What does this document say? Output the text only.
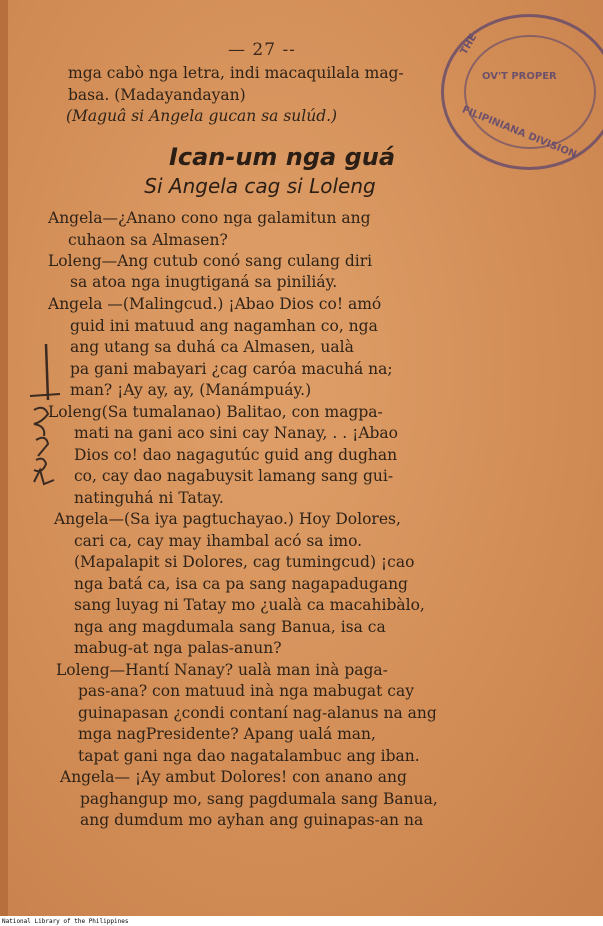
THE
OV'T PROPER
FILIPINIANA DIVISION
— 27 --
mga cabò nga letra, indi macaquilala mag-
basa. (Madayandayan)
(Maguâ si Angela gucan sa sulúd.)
Ican-um nga guá
Si Angela cag si Loleng
Angela—¿Anano cono nga galamitun ang
cuhaon sa Almasen?
Loleng—Ang cutub conó sang culang diri
sa atoa nga inugtiganá sa piniliáy.
Angela —(Malingcud.) ¡Abao Dios co! amó
guid ini matuud ang nagamhan co, nga
ang utang sa duhá ca Almasen, ualà
pa gani mabayari ¿cag caróa macuhá na;
man? ¡Ay ay, ay, (Manámpuáy.)
Loleng(Sa tumalanao) Balitao, con magpa-
mati na gani aco sini cay Nanay, . . ¡Abao
Dios co! dao nagagutúc guid ang dughan
co, cay dao nagabuysit lamang sang gui-
natinguhá ni Tatay.
Angela—(Sa iya pagtuchayao.) Hoy Dolores,
cari ca, cay may ihambal acó sa imo.
(Mapalapit si Dolores, cag tumingcud) ¡cao
nga batá ca, isa ca pa sang nagapadugang
sang luyag ni Tatay mo ¿ualà ca macahibàlo,
nga ang magdumala sang Banua, isa ca
mabug-at nga palas-anun?
Loleng—Hantí Nanay? ualà man inà paga-
pas-ana? con matuud inà nga mabugat cay
guinapasan ¿condi contaní nag-alanus na ang
mga nagPresidente? Apang ualá man,
tapat gani nga dao nagatalambuc ang iban.
Angela— ¡Ay ambut Dolores! con anano ang
paghangup mo, sang pagdumala sang Banua,
ang dumdum mo ayhan ang guinapas-an na
National Library of the Philippines
